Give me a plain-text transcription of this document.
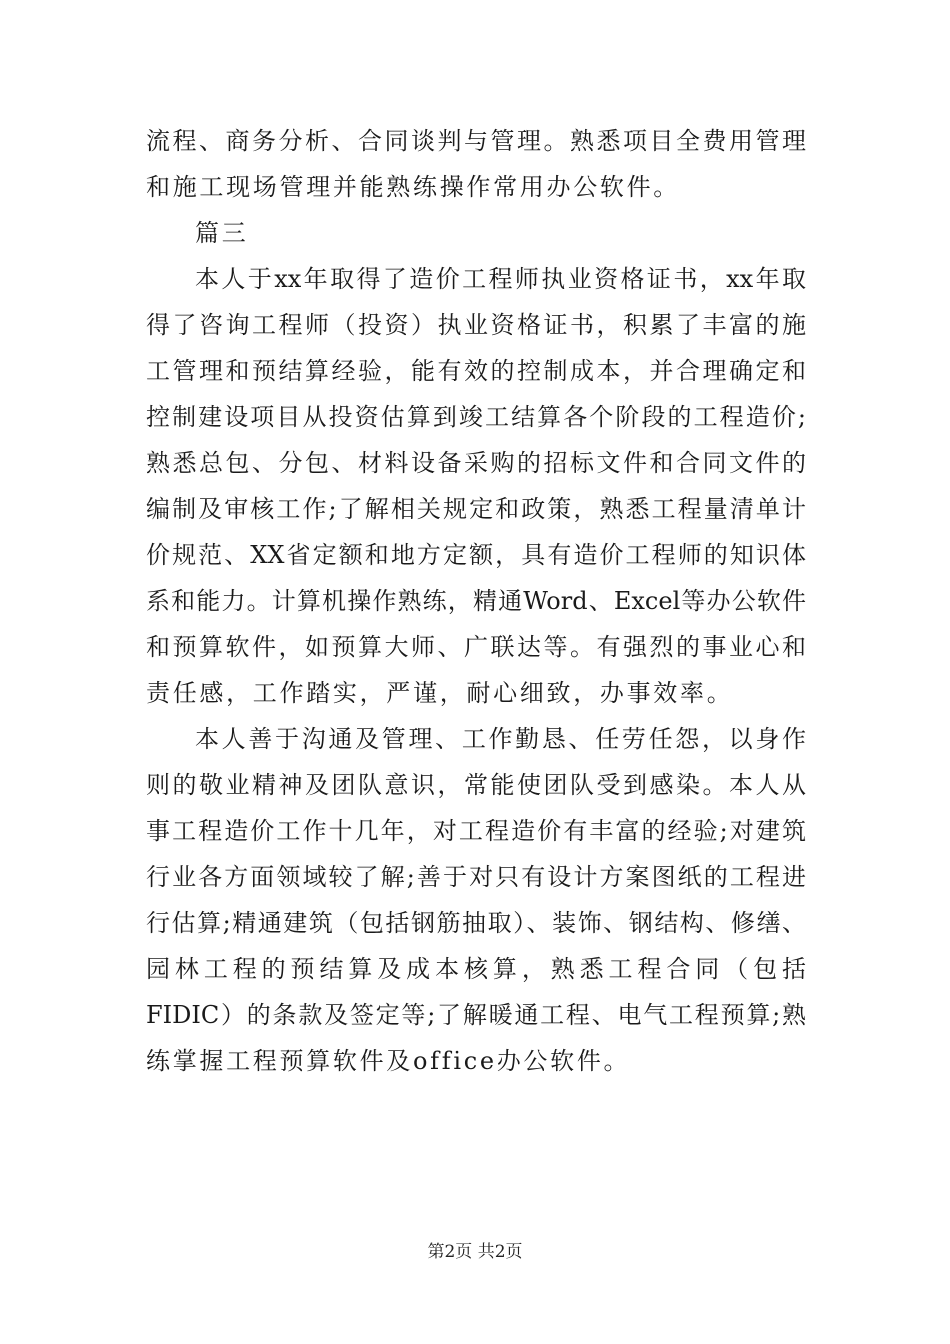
流程、商务分析、合同谈判与管理。熟悉项目全费用管理
和施工现场管理并能熟练操作常用办公软件。
篇三
本人于xx年取得了造价工程师执业资格证书，xx年取
得了咨询工程师（投资）执业资格证书，积累了丰富的施
工管理和预结算经验，能有效的控制成本，并合理确定和
控制建设项目从投资估算到竣工结算各个阶段的工程造价;
熟悉总包、分包、材料设备采购的招标文件和合同文件的
编制及审核工作;了解相关规定和政策，熟悉工程量清单计
价规范、XX省定额和地方定额，具有造价工程师的知识体
系和能力。计算机操作熟练，精通Word、Excel等办公软件
和预算软件，如预算大师、广联达等。有强烈的事业心和
责任感，工作踏实，严谨，耐心细致，办事效率。
本人善于沟通及管理、工作勤恳、任劳任怨，以身作
则的敬业精神及团队意识，常能使团队受到感染。本人从
事工程造价工作十几年，对工程造价有丰富的经验;对建筑
行业各方面领域较了解;善于对只有设计方案图纸的工程进
行估算;精通建筑（包括钢筋抽取）、装饰、钢结构、修缮、
园林工程的预结算及成本核算，熟悉工程合同（包括
FIDIC）的条款及签定等;了解暖通工程、电气工程预算;熟
练掌握工程预算软件及office办公软件。
第2页 共2页
